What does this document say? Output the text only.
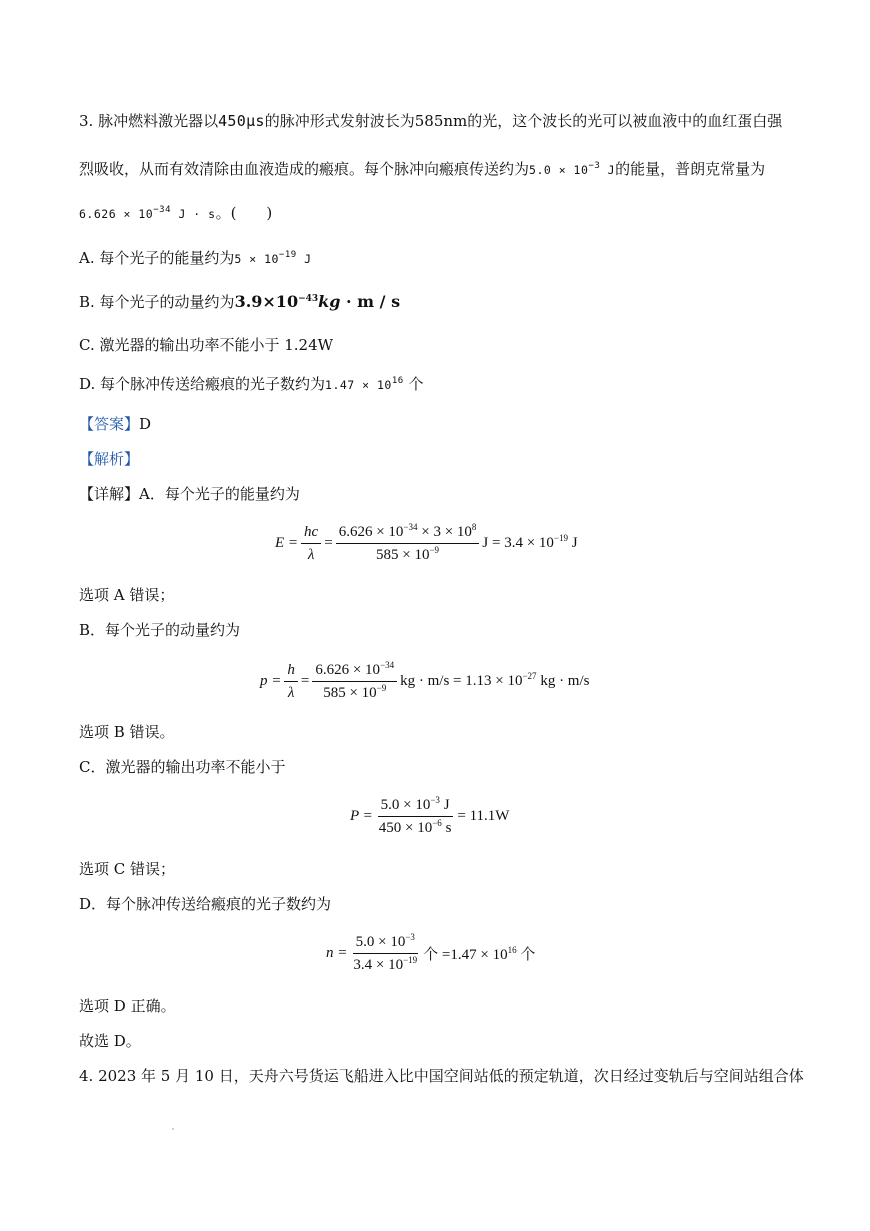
3. 脉冲燃料激光器以450μs的脉冲形式发射波长为585nm的光，这个波长的光可以被血液中的血红蛋白强
烈吸收，从而有效清除由血液造成的瘢痕。每个脉冲向瘢痕传送约为$5.0 \times 10^{-3}$ J的能量，普朗克常量为
$6.626 \times 10^{-34}$ J · s。(　　)
A. 每个光子的能量约为$5 \times 10^{-19}$ J
B. 每个光子的动量约为$3.9\times 10^{-43}kg \cdot m / s$
C. 激光器的输出功率不能小于 1.24W
D. 每个脉冲传送给瘢痕的光子数约为$1.47 \times 10^{16}$ 个
【答案】D
【解析】
【详解】A．每个光子的能量约为
$E = \frac{hc}{\lambda} = \frac{6.626 \times 10^{-34} \times 3 \times 10^8}{585 \times 10^{-9}}$ $J = 3.4 \times 10^{-19}$ J
选项 A 错误；
B．每个光子的动量约为
$p = \frac{h}{\lambda} = \frac{6.626 \times 10^{-34}}{585 \times 10^{-9}}$ kg · $m/s = 1.13 \times 10^{-27}$ kg · m/s
选项 B 错误。
C．激光器的输出功率不能小于
$P = \frac{5.0 \times 10^{-3} J}{450 \times 10^{-6} s} = 11.1W$
选项 C 错误；
D．每个脉冲传送给瘢痕的光子数约为
$n = \frac{5.0 \times 10^{-3}}{3.4 \times 10^{-19}}$ 个 $=1.47 \times 10^{16}$ 个
选项 D 正确。
故选 D。
4. 2023 年 5 月 10 日，天舟六号货运飞船进入比中国空间站低的预定轨道，次日经过变轨后与空间站组合体
